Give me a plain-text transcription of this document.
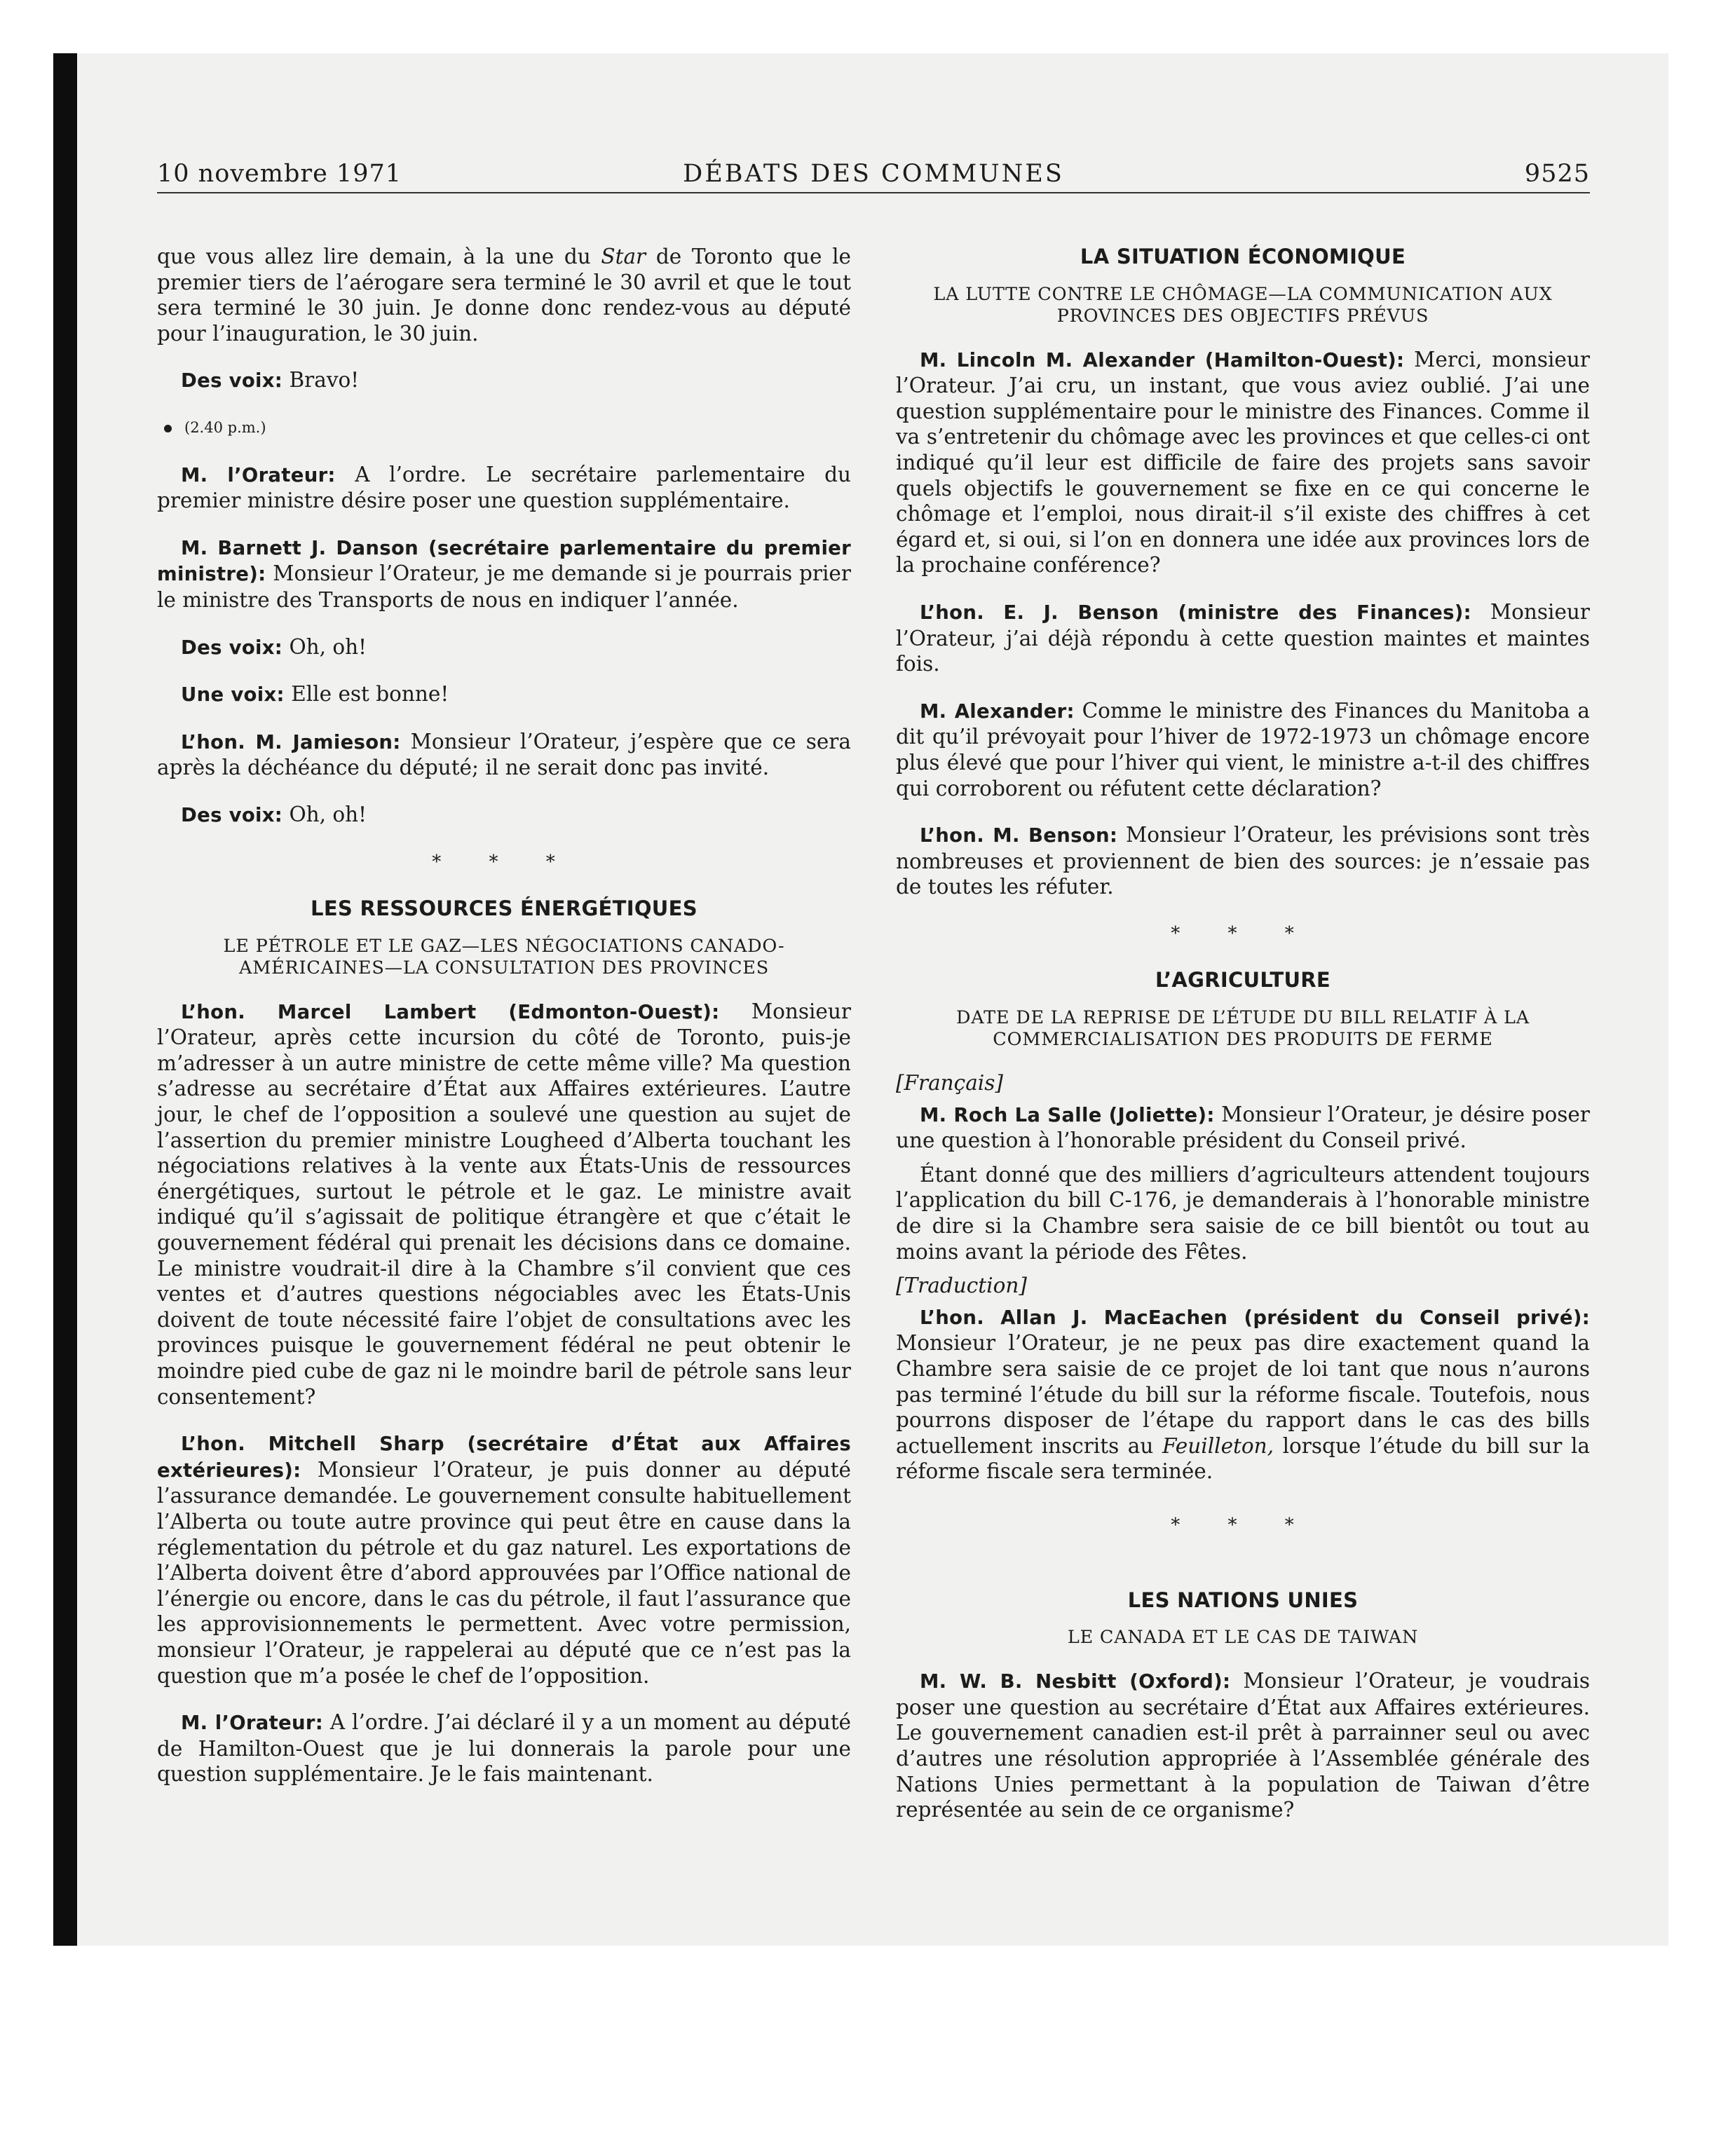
10 novembre 1971	DÉBATS DES COMMUNES	9525

que vous allez lire demain, à la une du Star de Toronto que le premier tiers de l’aérogare sera terminé le 30 avril et que le tout sera terminé le 30 juin. Je donne donc rendez-vous au député pour l’inauguration, le 30 juin.

Des voix: Bravo!

(2.40 p.m.)

M. l’Orateur: A l’ordre. Le secrétaire parlementaire du premier ministre désire poser une question supplémentaire.

M. Barnett J. Danson (secrétaire parlementaire du premier ministre): Monsieur l’Orateur, je me demande si je pourrais prier le ministre des Transports de nous en indiquer l’année.

Des voix: Oh, oh!

Une voix: Elle est bonne!

L’hon. M. Jamieson: Monsieur l’Orateur, j’espère que ce sera après la déchéance du député; il ne serait donc pas invité.

Des voix: Oh, oh!

* * *
LES RESSOURCES ÉNERGÉTIQUES
LE PÉTROLE ET LE GAZ—LES NÉGOCIATIONS CANADO-AMÉRICAINES—LA CONSULTATION DES PROVINCES

L’hon. Marcel Lambert (Edmonton-Ouest): Monsieur l’Orateur, après cette incursion du côté de Toronto, puis-je m’adresser à un autre ministre de cette même ville? Ma question s’adresse au secrétaire d’État aux Affaires extérieures. L’autre jour, le chef de l’opposition a soulevé une question au sujet de l’assertion du premier ministre Lougheed d’Alberta touchant les négociations relatives à la vente aux États-Unis de ressources énergétiques, surtout le pétrole et le gaz. Le ministre avait indiqué qu’il s’agissait de politique étrangère et que c’était le gouvernement fédéral qui prenait les décisions dans ce domaine. Le ministre voudrait-il dire à la Chambre s’il convient que ces ventes et d’autres questions négociables avec les États-Unis doivent de toute nécessité faire l’objet de consultations avec les provinces puisque le gouvernement fédéral ne peut obtenir le moindre pied cube de gaz ni le moindre baril de pétrole sans leur consentement?

L’hon. Mitchell Sharp (secrétaire d’État aux Affaires extérieures): Monsieur l’Orateur, je puis donner au député l’assurance demandée. Le gouvernement consulte habituellement l’Alberta ou toute autre province qui peut être en cause dans la réglementation du pétrole et du gaz naturel. Les exportations de l’Alberta doivent être d’abord approuvées par l’Office national de l’énergie ou encore, dans le cas du pétrole, il faut l’assurance que les approvisionnements le permettent. Avec votre permission, monsieur l’Orateur, je rappelerai au député que ce n’est pas la question que m’a posée le chef de l’opposition.

M. l’Orateur: A l’ordre. J’ai déclaré il y a un moment au député de Hamilton-Ouest que je lui donnerais la parole pour une question supplémentaire. Je le fais maintenant.

LA SITUATION ÉCONOMIQUE
LA LUTTE CONTRE LE CHÔMAGE—LA COMMUNICATION AUX PROVINCES DES OBJECTIFS PRÉVUS

M. Lincoln M. Alexander (Hamilton-Ouest): Merci, monsieur l’Orateur. J’ai cru, un instant, que vous aviez oublié. J’ai une question supplémentaire pour le ministre des Finances. Comme il va s’entretenir du chômage avec les provinces et que celles-ci ont indiqué qu’il leur est difficile de faire des projets sans savoir quels objectifs le gouvernement se fixe en ce qui concerne le chômage et l’emploi, nous dirait-il s’il existe des chiffres à cet égard et, si oui, si l’on en donnera une idée aux provinces lors de la prochaine conférence?

L’hon. E. J. Benson (ministre des Finances): Monsieur l’Orateur, j’ai déjà répondu à cette question maintes et maintes fois.

M. Alexander: Comme le ministre des Finances du Manitoba a dit qu’il prévoyait pour l’hiver de 1972-1973 un chômage encore plus élevé que pour l’hiver qui vient, le ministre a-t-il des chiffres qui corroborent ou réfutent cette déclaration?

L’hon. M. Benson: Monsieur l’Orateur, les prévisions sont très nombreuses et proviennent de bien des sources: je n’essaie pas de toutes les réfuter.

* * *
L’AGRICULTURE
DATE DE LA REPRISE DE L’ÉTUDE DU BILL RELATIF À LA COMMERCIALISATION DES PRODUITS DE FERME
[Français]

M. Roch La Salle (Joliette): Monsieur l’Orateur, je désire poser une question à l’honorable président du Conseil privé.

Étant donné que des milliers d’agriculteurs attendent toujours l’application du bill C-176, je demanderais à l’honorable ministre de dire si la Chambre sera saisie de ce bill bientôt ou tout au moins avant la période des Fêtes.

[Traduction]

L’hon. Allan J. MacEachen (président du Conseil privé): Monsieur l’Orateur, je ne peux pas dire exactement quand la Chambre sera saisie de ce projet de loi tant que nous n’aurons pas terminé l’étude du bill sur la réforme fiscale. Toutefois, nous pourrons disposer de l’étape du rapport dans le cas des bills actuellement inscrits au Feuilleton, lorsque l’étude du bill sur la réforme fiscale sera terminée.

* * *
LES NATIONS UNIES
LE CANADA ET LE CAS DE TAIWAN

M. W. B. Nesbitt (Oxford): Monsieur l’Orateur, je voudrais poser une question au secrétaire d’État aux Affaires extérieures. Le gouvernement canadien est-il prêt à parrainner seul ou avec d’autres une résolution appropriée à l’Assemblée générale des Nations Unies permettant à la population de Taiwan d’être représentée au sein de ce organisme?
